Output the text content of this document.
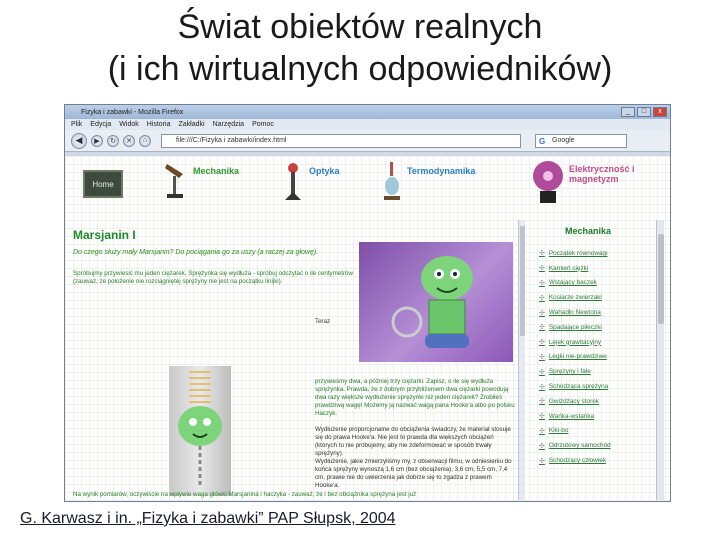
Świat obiektów realnych
(i ich wirtualnych odpowiedników)
Fizyka i zabawki - Mozilla Firefox	_	□	x
Plik Edycja Widok Historia Zakładki Narzędzia Pomoc
◀	▶	↻	✕	⌂	file:///C:/Fizyka i zabawki/index.html	G Google
Home
Mechanika	Optyka	Termodynamika	Elektryczność i magnetyzm
Marsjanin I
Do czego służy mały Marsjanin? Do pociągania go za uszy (a raczej za głowę).
Spróbujmy przywiesić mu jeden ciężarek. Sprężynka się wydłuża - spróbuj odczytać o ile centymetrów (zauważ, że położenie nie rozciągniętej sprężyny nie jest na początku linijki).
Teraz
przywieśmy dwa, a później trzy ciężarki. Zapisz, o ile się wydłuża sprężynka. Prawda, że z dobrym przybliżeniem dwa ciężarki powodują dwa razy większe wydłużenie sprężynki niż jeden ciężarek? Zrobiłeś prawdziwą wagę! Możemy ją nazwać wagą pana Hooke'a albo po polsku Haczyk.
Wydłużenie proporcjonalne do obciążenia świadczy, że materiał stosuje się do prawa Hooke'a. Nie jest to prawda dla większych obciążeń (których tu nie próbujemy, aby nie zdeformować w sposób trwały sprężyny).
Wydłużenie, jakie zmierzyliśmy my, z obserwacji filmu, w odniesieniu do końca sprężyny wynoszą 1,6 cm (bez obciążenia), 3,6 cm, 5,5 cm, 7,4 cm, prawie nie do uwierzenia jak dobrze się to zgadza z prawem Hooke'a.
Na wynik pomiarów, oczywiście na wpływie waga główki Marsjanina i haczyka - zauważ, że i bez obciążnika sprężyna jest już
Mechanika
✣ Początek równowagi
✣ Kamień ciężki
✣ Wstający baczek
✣ Kosiarze zwierzaki
✣ Wahadło Newtona
✣ Spadające piłeczki
✣ Lejek grawitacyjny
✣ Legki nie-prawdziwe
✣ Sprężyny i fale
✣ Schodząca sprężyna
✣ Gwiżdżący storek
✣ Wańka-wstańka
✣ Kiki-bo
✣ Odrzutowy samochód
✣ Schodzący człowiek
G. Karwasz i in. „Fizyka i zabawki” PAP Słupsk, 2004
